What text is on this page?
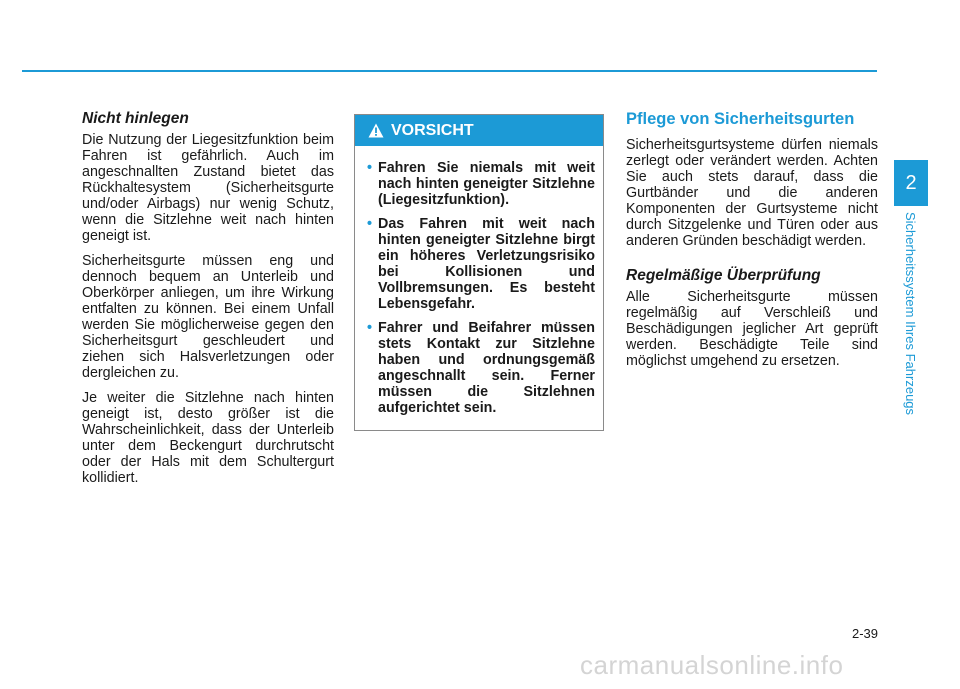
Nicht hinlegen

Die Nutzung der Liegesitzfunktion beim Fahren ist gefährlich. Auch im angeschnallten Zustand bietet das Rückhaltesystem (Sicherheitsgurte und/oder Airbags) nur wenig Schutz, wenn die Sitzlehne weit nach hinten geneigt ist.

Sicherheitsgurte müssen eng und dennoch bequem an Unterleib und Oberkörper anliegen, um ihre Wirkung entfalten zu können. Bei einem Unfall werden Sie möglicherweise gegen den Sicherheitsgurt geschleudert und ziehen sich Halsverletzungen oder dergleichen zu.

Je weiter die Sitzlehne nach hinten geneigt ist, desto größer ist die Wahrscheinlichkeit, dass der Unterleib unter dem Beckengurt durchrutscht oder der Hals mit dem Schultergurt kollidiert.

VORSICHT
• Fahren Sie niemals mit weit nach hinten geneigter Sitzlehne (Liegesitzfunktion).
• Das Fahren mit weit nach hinten geneigter Sitzlehne birgt ein höheres Verletzungsrisiko bei Kollisionen und Vollbremsungen. Es besteht Lebensgefahr.
• Fahrer und Beifahrer müssen stets Kontakt zur Sitzlehne haben und ordnungsgemäß angeschnallt sein. Ferner müssen die Sitzlehnen aufgerichtet sein.
Pflege von Sicherheitsgurten

Sicherheitsgurtsysteme dürfen niemals zerlegt oder verändert werden. Achten Sie auch stets darauf, dass die Gurtbänder und die anderen Komponenten der Gurtsysteme nicht durch Sitzgelenke und Türen oder aus anderen Gründen beschädigt werden.

Regelmäßige Überprüfung

Alle Sicherheitsgurte müssen regelmäßig auf Verschleiß und Beschädigungen jeglicher Art geprüft werden. Beschädigte Teile sind möglichst umgehend zu ersetzen.

2
Sicherheitssystem Ihres Fahrzeugs
2-39
carmanualsonline.info
